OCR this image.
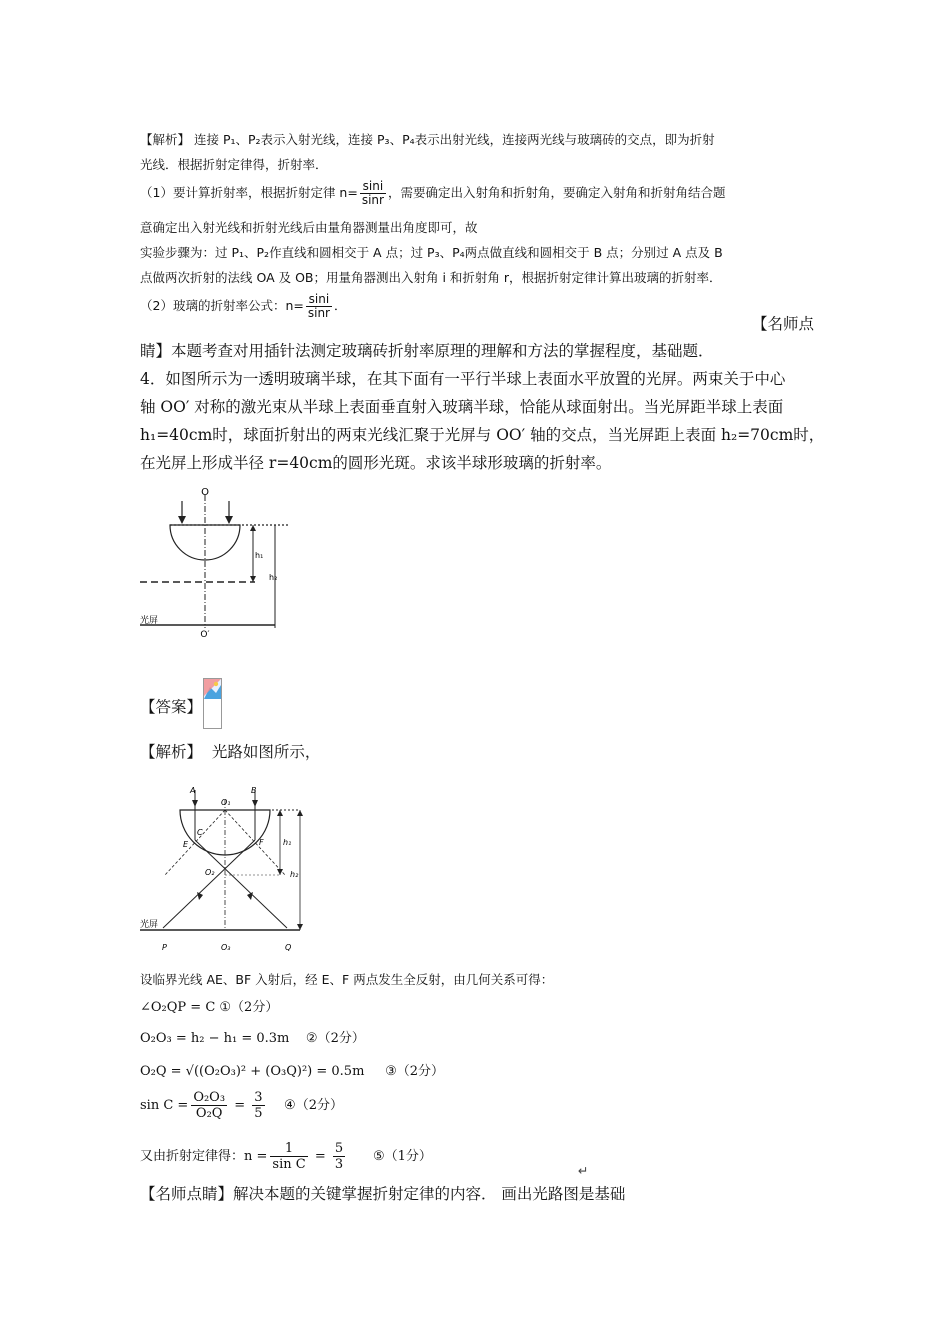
【解析】 连接 P₁、P₂表示入射光线，连接 P₃、P₄表示出射光线，连接两光线与玻璃砖的交点，即为折射
光线．根据折射定律得，折射率．
（1）要计算折射率，根据折射定律 $n= \frac{\sin i}{\sin r}$ ，需要确定出入射角和折射角，要确定入射角和折射角结合题
意确定出入射光线和折射光线后由量角器测量出角度即可，故
实验步骤为：过 P₁、P₂作直线和圆相交于 A 点；过 P₃、P₄两点做直线和圆相交于 B 点；分别过 A 点及 B
点做两次折射的法线 OA 及 OB；用量角器测出入射角 i 和折射角 r，根据折射定律计算出玻璃的折射率．
（2）玻璃的折射率公式：$n= \frac{\sin i}{\sin r}$ ．
【名师点
睛】本题考查对用插针法测定玻璃砖折射率原理的理解和方法的掌握程度，基础题．
4．如图所示为一透明玻璃半球，在其下面有一平行半球上表面水平放置的光屏。两束关于中心
轴 OO′ 对称的激光束从半球上表面垂直射入玻璃半球，恰能从球面射出。当光屏距半球上表面
h₁=40cm时，球面折射出的两束光线汇聚于光屏与 OO′ 轴的交点，当光屏距上表面 h₂=70cm时，
在光屏上形成半径 r=40cm的圆形光斑。求该半球形玻璃的折射率。
O
h₁
h₂
光屏
O′
【答案】
【解析】 光路如图所示，
A	B
O₁
C
E	F
O₂
h₁
h₂
光屏
P	O₃	Q
设临界光线 AE、BF 入射后，经 E、F 两点发生全反射，由几何关系可得：
∠O₂QP = C ①（2分）
O₂O₃ = h₂ − h₁ = 0.3m ②（2分）
O₂Q = √((O₂O₃)² + (O₃Q)²) = 0.5m ③（2分）
$\sin C = \frac{\text{O₂O₃}}{\text{O₂Q}} = \frac{3}{5}$ ④（2分）
又由折射定律得：$n = \frac{1}{\text{sin C}} = \frac{5}{3}$ ⑤（1分）
↵
【名师点睛】解决本题的关键掌握折射定律的内容． 画出光路图是基础
